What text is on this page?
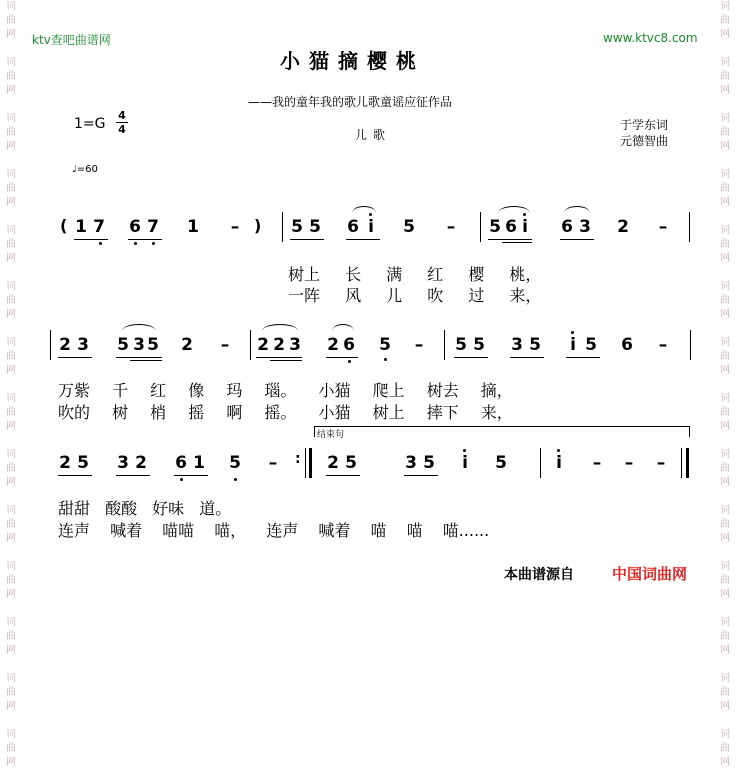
词
曲
网
词
曲
网
词
曲
网
词
曲
网
词
曲
网
词
曲
网
词
曲
网
词
曲
网
词
曲
网
词
曲
网
词
曲
网
词
曲
网
词
曲
网
词
曲
网
词
曲
网
词
曲
网
词
曲
网
词
曲
网
词
曲
网
词
曲
网
词
曲
网
词
曲
网
词
曲
网
词
曲
网
词
曲
网
词
曲
网
词
曲
网
词
曲
网
ktv查吧曲谱网	www.ktvc8.com
小猫摘樱桃
——我的童年我的歌儿歌童谣应征作品
1=G
4
4	儿歌
于学东词
元德智曲
♩=60
( 1 7 6 7 1 – ) 5 5 6 i 5 – 5 6 i 6 3 2 –
树上 长 满 红 樱 桃，
一阵 风 儿 吹 过 来，
2 3 5 3 5 2 – 2 2 3 2 6 5 – 5 5 3 5 i 5 6 –
万紫 千 红 像 玛 瑙。 小猫 爬上 树去 摘，
吹的 树 梢 摇 啊 摇。 小猫 树上 摔下 来，
结束句
2 5 3 2 6 1 5 – : 2 5	3 5 i 5	i – – –
甜甜 酸酸 好味 道。
连声 喊着 喵喵 喵， 连声 喊着 喵 喵 喵......
本曲谱源自	中国词曲网
